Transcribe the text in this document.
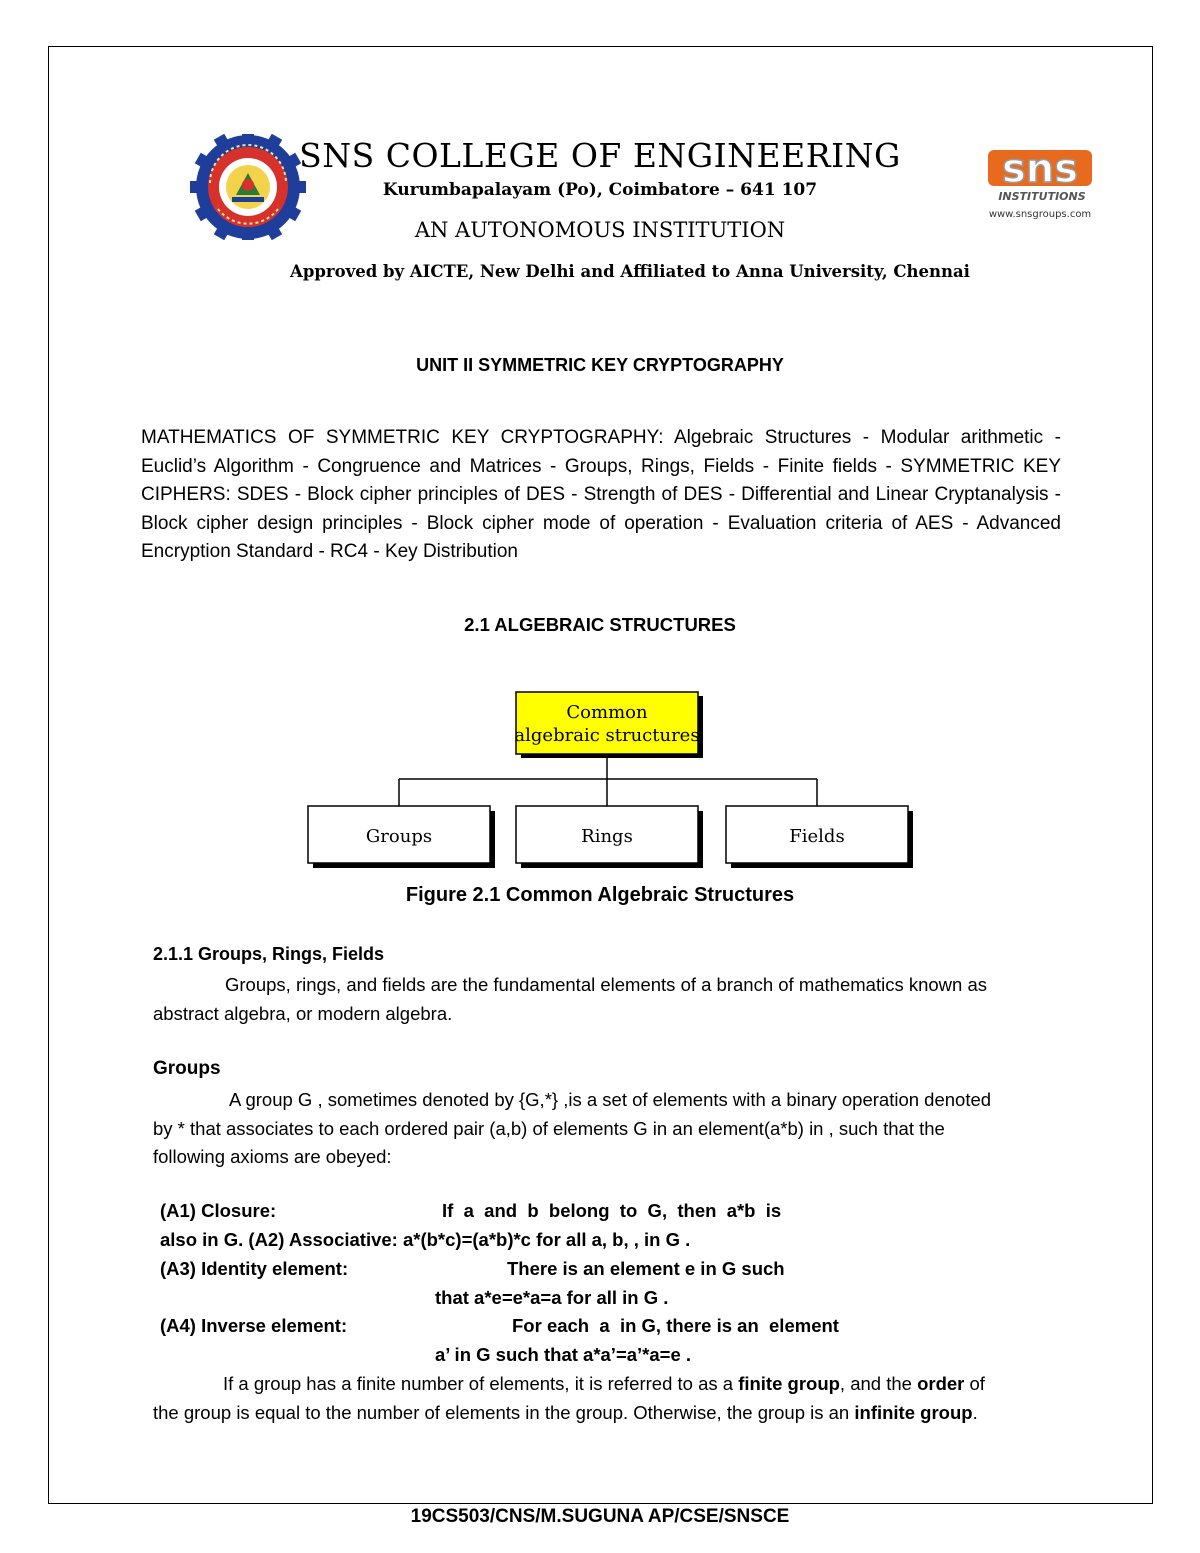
sns
INSTITUTIONS
www.snsgroups.com
SNS COLLEGE OF ENGINEERING
Kurumbapalayam (Po), Coimbatore – 641 107
AN AUTONOMOUS INSTITUTION
Approved by AICTE, New Delhi and Affiliated to Anna University, Chennai
UNIT II SYMMETRIC KEY CRYPTOGRAPHY
MATHEMATICS OF SYMMETRIC KEY CRYPTOGRAPHY: Algebraic Structures - Modular arithmetic - Euclid’s Algorithm - Congruence and Matrices - Groups, Rings, Fields - Finite fields - SYMMETRIC KEY CIPHERS: SDES - Block cipher principles of DES - Strength of DES - Differential and Linear Cryptanalysis - Block cipher design principles - Block cipher mode of operation - Evaluation criteria of AES - Advanced Encryption Standard - RC4 - Key Distribution
2.1 ALGEBRAIC STRUCTURES
Common
algebraic structures
Groups	Rings	Fields
Figure 2.1 Common Algebraic Structures
2.1.1 Groups, Rings, Fields
Groups, rings, and fields are the fundamental elements of a branch of mathematics known as abstract algebra, or modern algebra.
Groups
A group G , sometimes denoted by {G,*} ,is a set of elements with a binary operation denoted by * that associates to each ordered pair (a,b) of elements G in an element(a*b) in , such that the following axioms are obeyed:
(A1) Closure:	If  a  and  b  belong  to  G,  then  a*b  is
also in G. (A2) Associative: a*(b*c)=(a*b)*c for all a, b, , in G .
(A3) Identity element:	There is an element e in G such
that a*e=e*a=a for all in G .
(A4) Inverse element:	For each  a  in G, there is an  element
a’ in G such that a*a’=a’*a=e .
If a group has a finite number of elements, it is referred to as a finite group, and the order of the group is equal to the number of elements in the group. Otherwise, the group is an infinite group.
19CS503/CNS/M.SUGUNA AP/CSE/SNSCE
